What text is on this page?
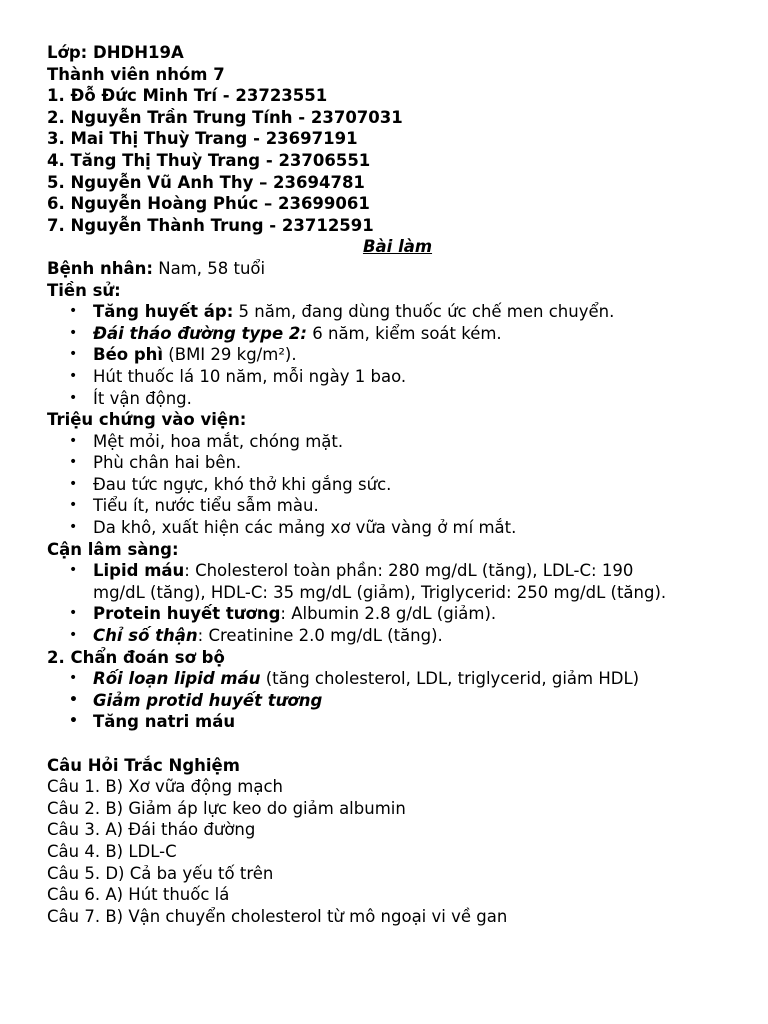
Lớp: DHDH19A
Thành viên nhóm 7
1. Đỗ Đức Minh Trí - 23723551
2. Nguyễn Trần Trung Tính - 23707031
3. Mai Thị Thuỳ Trang - 23697191
4. Tăng Thị Thuỳ Trang - 23706551
5. Nguyễn Vũ Anh Thy – 23694781
6. Nguyễn Hoàng Phúc – 23699061
7. Nguyễn Thành Trung - 23712591
Bài làm
Bệnh nhân: Nam, 58 tuổi
Tiền sử:
• Tăng huyết áp: 5 năm, đang dùng thuốc ức chế men chuyển.
• Đái tháo đường type 2: 6 năm, kiểm soát kém.
• Béo phì (BMI 29 kg/m²).
• Hút thuốc lá 10 năm, mỗi ngày 1 bao.
• Ít vận động.
Triệu chứng vào viện:
• Mệt mỏi, hoa mắt, chóng mặt.
• Phù chân hai bên.
• Đau tức ngực, khó thở khi gắng sức.
• Tiểu ít, nước tiểu sẫm màu.
• Da khô, xuất hiện các mảng xơ vữa vàng ở mí mắt.
Cận lâm sàng:
• Lipid máu: Cholesterol toàn phần: 280 mg/dL (tăng), LDL-C: 190
mg/dL (tăng), HDL-C: 35 mg/dL (giảm), Triglycerid: 250 mg/dL (tăng).
• Protein huyết tương: Albumin 2.8 g/dL (giảm).
• Chỉ số thận: Creatinine 2.0 mg/dL (tăng).
2. Chẩn đoán sơ bộ
• Rối loạn lipid máu (tăng cholesterol, LDL, triglycerid, giảm HDL)
• Giảm protid huyết tương
• Tăng natri máu
Câu Hỏi Trắc Nghiệm
Câu 1. B) Xơ vữa động mạch
Câu 2. B) Giảm áp lực keo do giảm albumin
Câu 3. A) Đái tháo đường
Câu 4. B) LDL-C
Câu 5. D) Cả ba yếu tố trên
Câu 6. A) Hút thuốc lá
Câu 7. B) Vận chuyển cholesterol từ mô ngoại vi về gan
